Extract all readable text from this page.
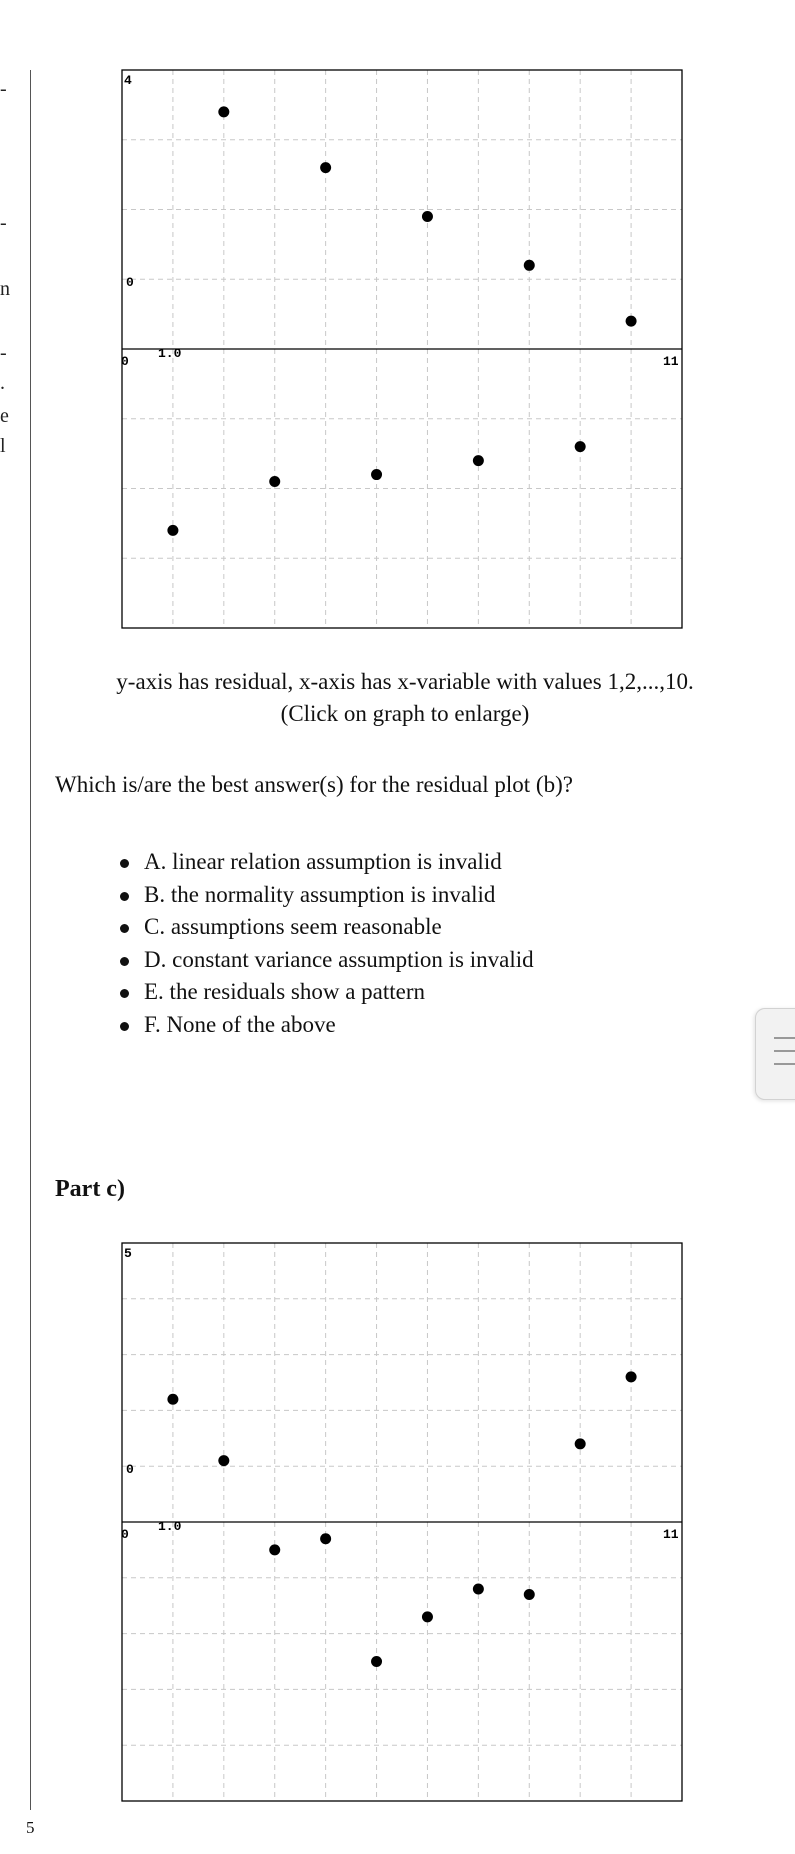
-
-
n
-
.
e
l
5
4
0
0
1.0
11
y-axis has residual, x-axis has x-variable with values 1,2,...,10.
(Click on graph to enlarge)
Which is/are the best answer(s) for the residual plot (b)?
A. linear relation assumption is invalid
B. the normality assumption is invalid
C. assumptions seem reasonable
D. constant variance assumption is invalid
E. the residuals show a pattern
F. None of the above
Part c)
5
0
0
1.0
11
